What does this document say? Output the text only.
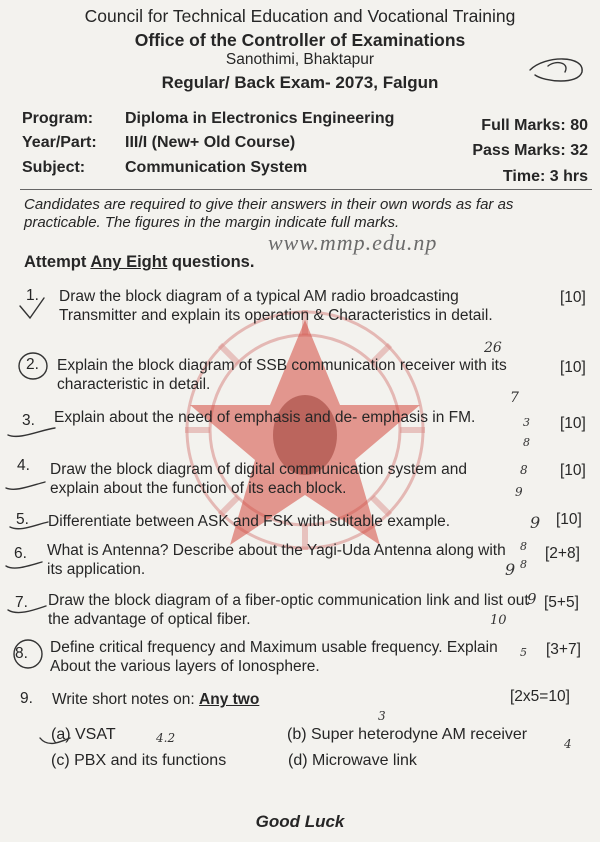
www.mmp.edu.np
Council for Technical Education and Vocational Training
Office of the Controller of Examinations
Sanothimi, Bhaktapur
Regular/ Back Exam- 2073, Falgun
Program: Diploma in Electronics Engineering
Year/Part: III/I (New+ Old Course)
Subject: Communication System
Full Marks: 80
Pass Marks: 32
Time: 3 hrs
Candidates are required to give their answers in their own words as far as practicable. The figures in the margin indicate full marks.
Attempt Any Eight questions.
1. Draw the block diagram of a typical AM radio broadcasting Transmitter and explain its operation & Characteristics in detail.
[10]
2. Explain the block diagram of SSB communication receiver with its characteristic in detail.
[10]
3. Explain about the need of emphasis and de- emphasis in FM.	[10]
4. Draw the block diagram of digital communication system and explain about the function of its each block.
[10]
5. Differentiate between ASK and FSK with suitable example.	[10]
6. What is Antenna? Describe about the Yagi-Uda Antenna along with its application.
[2+8]
7. Draw the block diagram of a fiber-optic communication link and list out the advantage of optical fiber.
[5+5]
8. Define critical frequency and Maximum usable frequency. Explain About the various layers of Ionosphere.
[3+7]
9. Write short notes on: Any two	[2x5=10]
(a) VSAT	(b) Super heterodyne AM receiver
(c) PBX and its functions	(d) Microwave link
Good Luck
26
7
3
8
8
9
9
8
9 8
9
10
5
3
4
4.2
